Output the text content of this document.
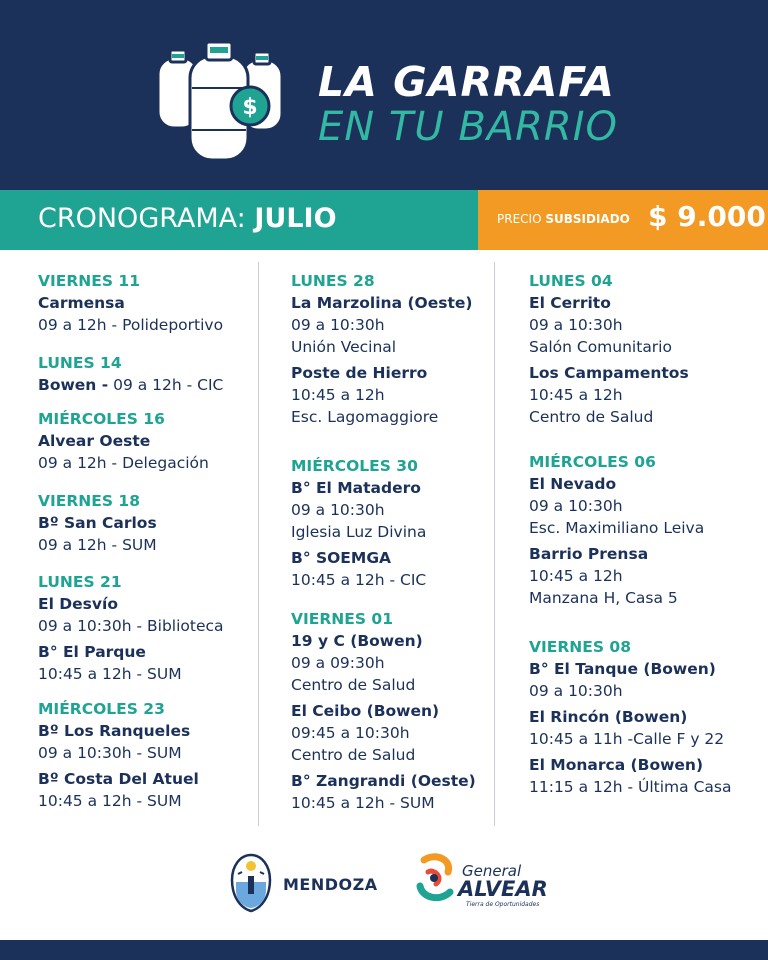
$
LA GARRAFA
EN TU BARRIO
CRONOGRAMA: JULIO	PRECIO SUBSIDIADO $ 9.000
VIERNES 11
Carmensa
09 a 12h - Polideportivo
LUNES 14
Bowen - 09 a 12h - CIC
MIÉRCOLES 16
Alvear Oeste
09 a 12h - Delegación
VIERNES 18
Bº San Carlos
09 a 12h - SUM
LUNES 21
El Desvío
09 a 10:30h - Biblioteca
B° El Parque
10:45 a 12h - SUM
MIÉRCOLES 23
Bº Los Ranqueles
09 a 10:30h - SUM
Bº Costa Del Atuel
10:45 a 12h - SUM
LUNES 28
La Marzolina (Oeste)
09 a 10:30h
Unión Vecinal
Poste de Hierro
10:45 a 12h
Esc. Lagomaggiore
MIÉRCOLES 30
B° El Matadero
09 a 10:30h
Iglesia Luz Divina
B° SOEMGA
10:45 a 12h - CIC
VIERNES 01
19 y C (Bowen)
09 a 09:30h
Centro de Salud
El Ceibo (Bowen)
09:45 a 10:30h
Centro de Salud
B° Zangrandi (Oeste)
10:45 a 12h - SUM
LUNES 04
El Cerrito
09 a 10:30h
Salón Comunitario
Los Campamentos
10:45 a 12h
Centro de Salud
MIÉRCOLES 06
El Nevado
09 a 10:30h
Esc. Maximiliano Leiva
Barrio Prensa
10:45 a 12h
Manzana H, Casa 5
VIERNES 08
B° El Tanque (Bowen)
09 a 10:30h
El Rincón (Bowen)
10:45 a 11h -Calle F y 22
El Monarca (Bowen)
11:15 a 12h - Última Casa
MENDOZA
General
ALVEAR
Tierra de Oportunidades
